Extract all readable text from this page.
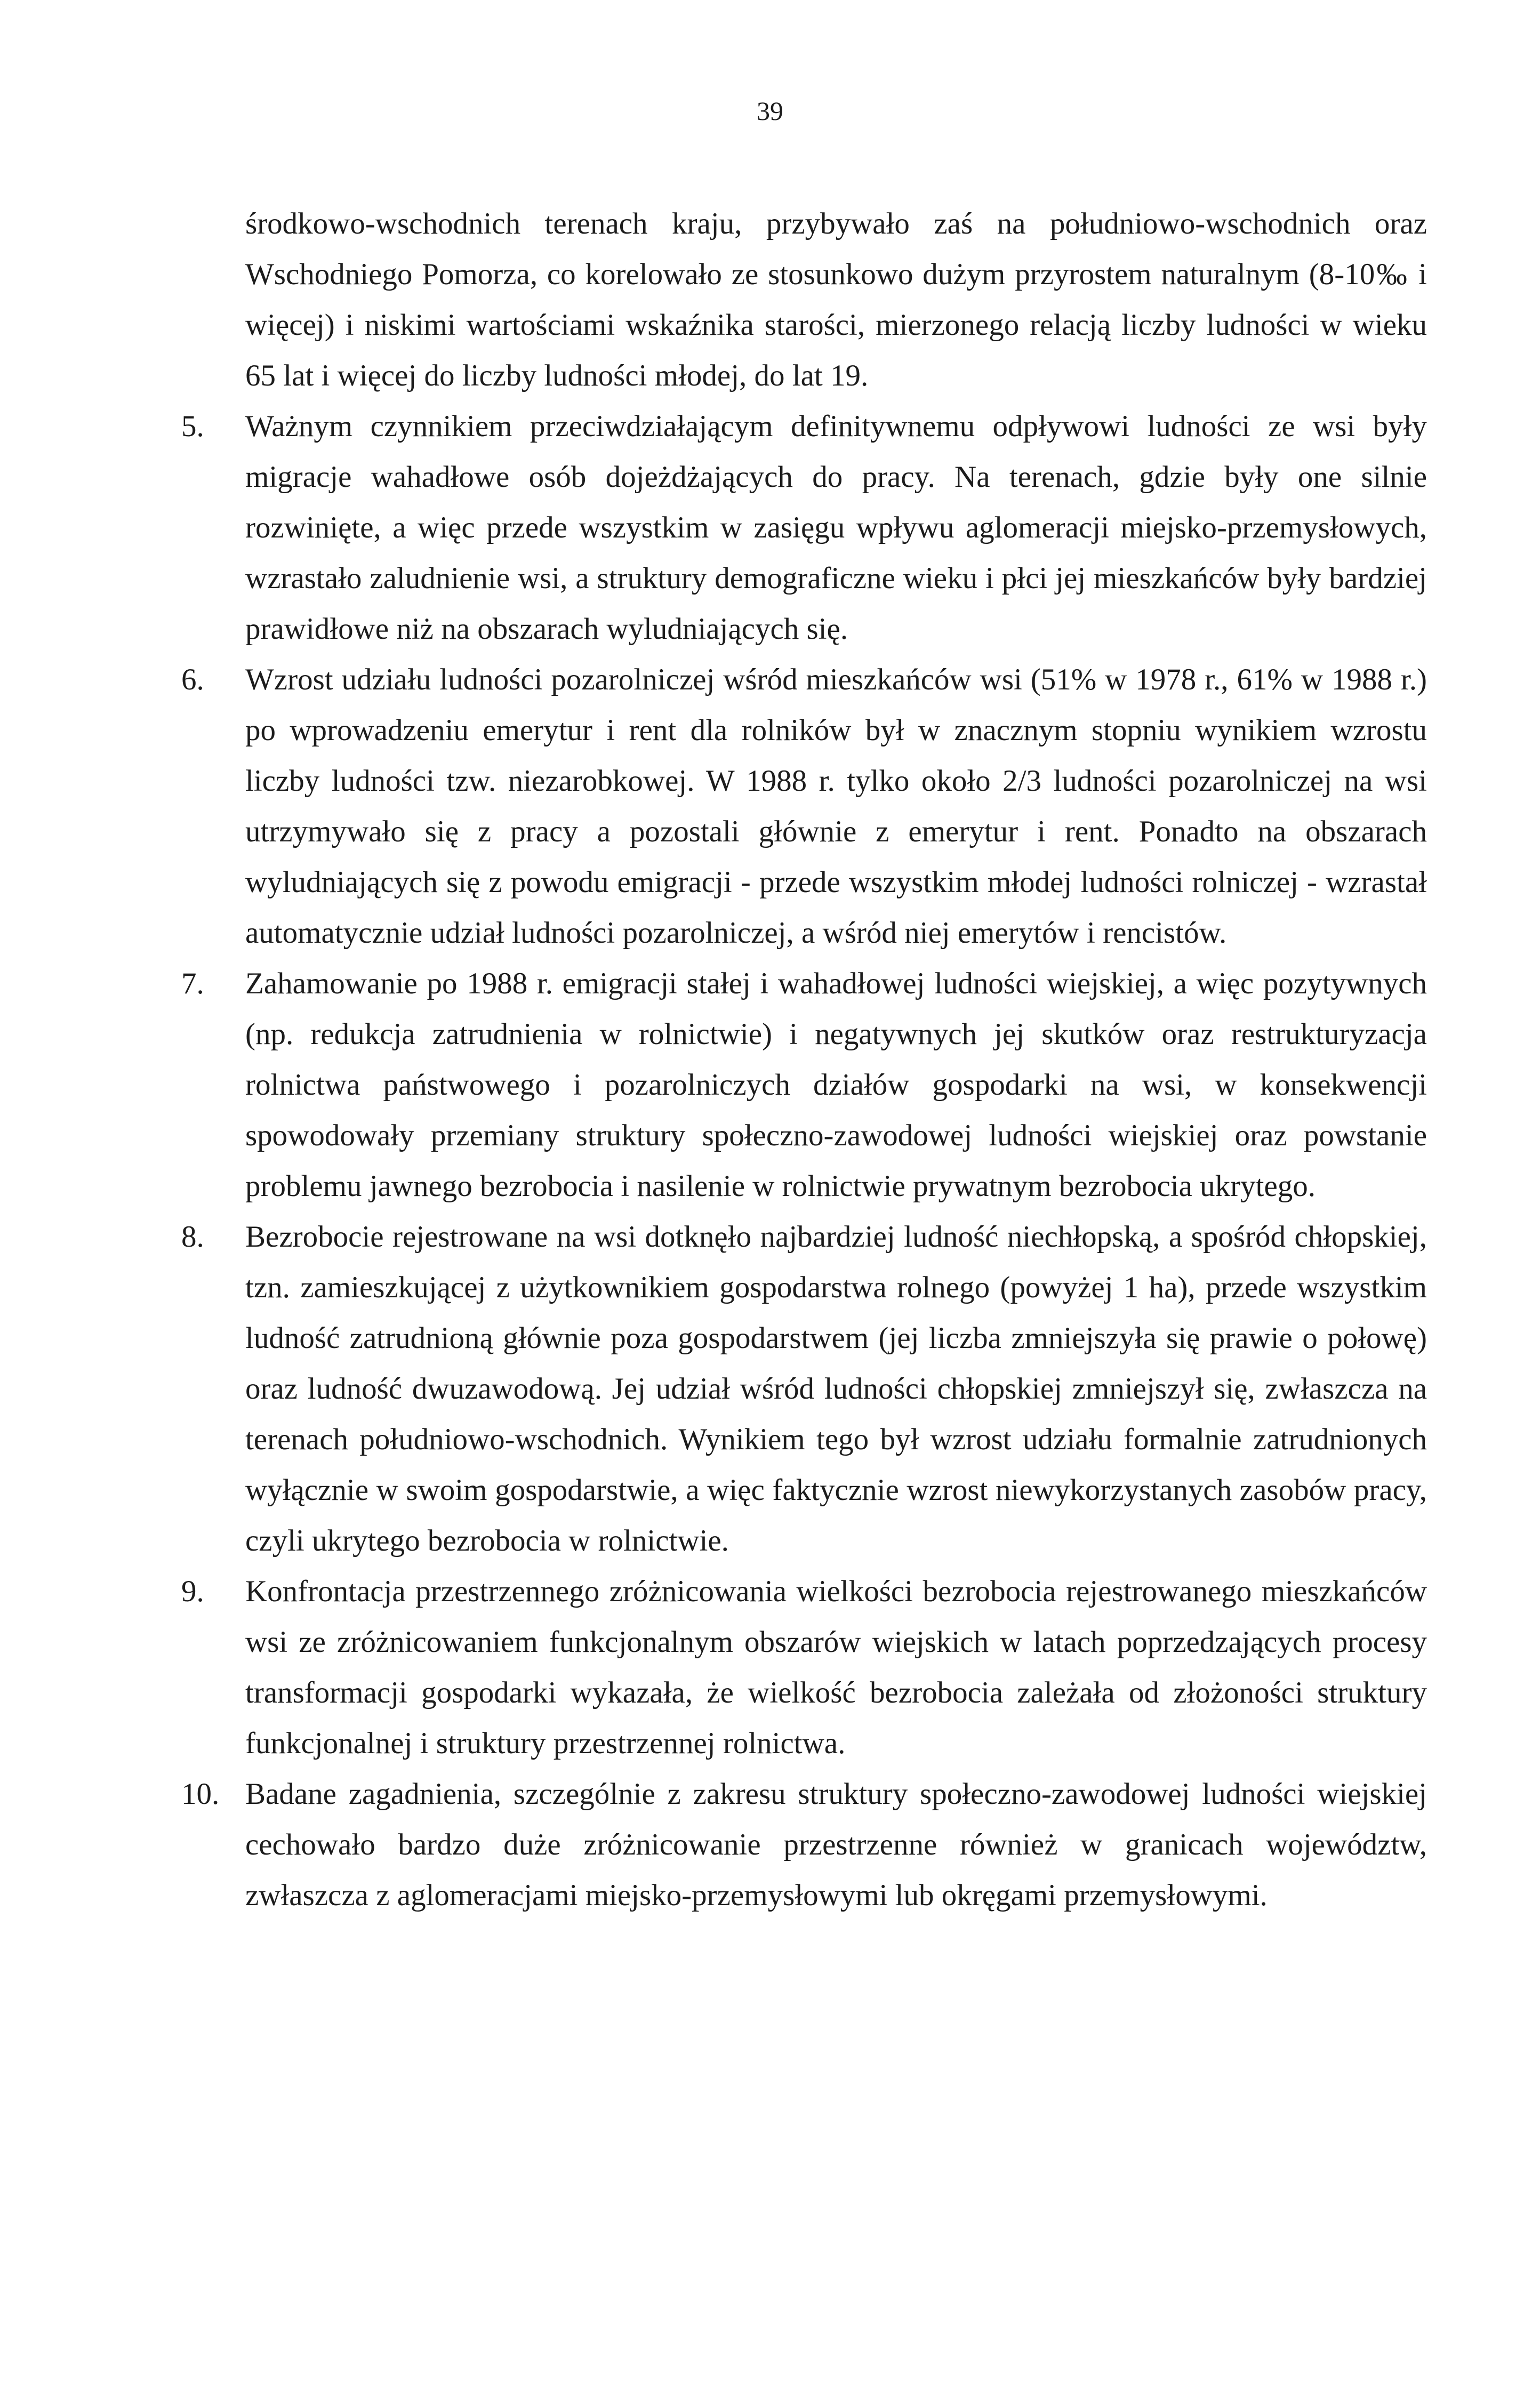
39

środkowo-wschodnich terenach kraju, przybywało zaś na południowo-wschodnich oraz Wschodniego Pomorza, co korelowało ze stosunkowo dużym przyrostem naturalnym (8-10‰ i więcej) i niskimi wartościami wskaźnika starości, mierzonego relacją liczby ludności w wieku 65 lat i więcej do liczby ludności młodej, do lat 19.

5.	Ważnym czynnikiem przeciwdziałającym definitywnemu odpływowi ludności ze wsi były migracje wahadłowe osób dojeżdżających do pracy. Na terenach, gdzie były one silnie rozwinięte, a więc przede wszystkim w zasięgu wpływu aglomeracji miejsko-przemysłowych, wzrastało zaludnienie wsi, a struktury demograficzne wieku i płci jej mieszkańców były bardziej prawidłowe niż na obszarach wyludniających się.

6.	Wzrost udziału ludności pozarolniczej wśród mieszkańców wsi (51% w 1978 r., 61% w 1988 r.) po wprowadzeniu emerytur i rent dla rolników był w znacznym stopniu wynikiem wzrostu liczby ludności tzw. niezarobkowej. W 1988 r. tylko około 2/3 ludności pozarolniczej na wsi utrzymywało się z pracy a pozostali głównie z emerytur i rent. Ponadto na obszarach wyludniających się z powodu emigracji - przede wszystkim młodej ludności rolniczej - wzrastał automatycznie udział ludności pozarolniczej, a wśród niej emerytów i rencistów.

7.	Zahamowanie po 1988 r. emigracji stałej i wahadłowej ludności wiejskiej, a więc pozytywnych (np. redukcja zatrudnienia w rolnictwie) i negatywnych jej skutków oraz restrukturyzacja rolnictwa państwowego i pozarolniczych działów gospodarki na wsi, w konsekwencji spowodowały przemiany struktury społeczno-zawodowej ludności wiejskiej oraz powstanie problemu jawnego bezrobocia i nasilenie w rolnictwie prywatnym bezrobocia ukrytego.

8.	Bezrobocie rejestrowane na wsi dotknęło najbardziej ludność niechłopską, a spośród chłopskiej, tzn. zamieszkującej z użytkownikiem gospodarstwa rolnego (powyżej 1 ha), przede wszystkim ludność zatrudnioną głównie poza gospodarstwem (jej liczba zmniejszyła się prawie o połowę) oraz ludność dwuzawodową. Jej udział wśród ludności chłopskiej zmniejszył się, zwłaszcza na terenach południowo-wschodnich. Wynikiem tego był wzrost udziału formalnie zatrudnionych wyłącznie w swoim gospodarstwie, a więc faktycznie wzrost niewykorzystanych zasobów pracy, czyli ukrytego bezrobocia w rolnictwie.

9.	Konfrontacja przestrzennego zróżnicowania wielkości bezrobocia rejestrowanego mieszkańców wsi ze zróżnicowaniem funkcjonalnym obszarów wiejskich w latach poprzedzających procesy transformacji gospodarki wykazała, że wielkość bezrobocia zależała od złożoności struktury funkcjonalnej i struktury przestrzennej rolnictwa.

10. Badane zagadnienia, szczególnie z zakresu struktury społeczno-zawodowej ludności wiejskiej cechowało bardzo duże zróżnicowanie przestrzenne również w granicach województw, zwłaszcza z aglomeracjami miejsko-przemysłowymi lub okręgami przemysłowymi.
